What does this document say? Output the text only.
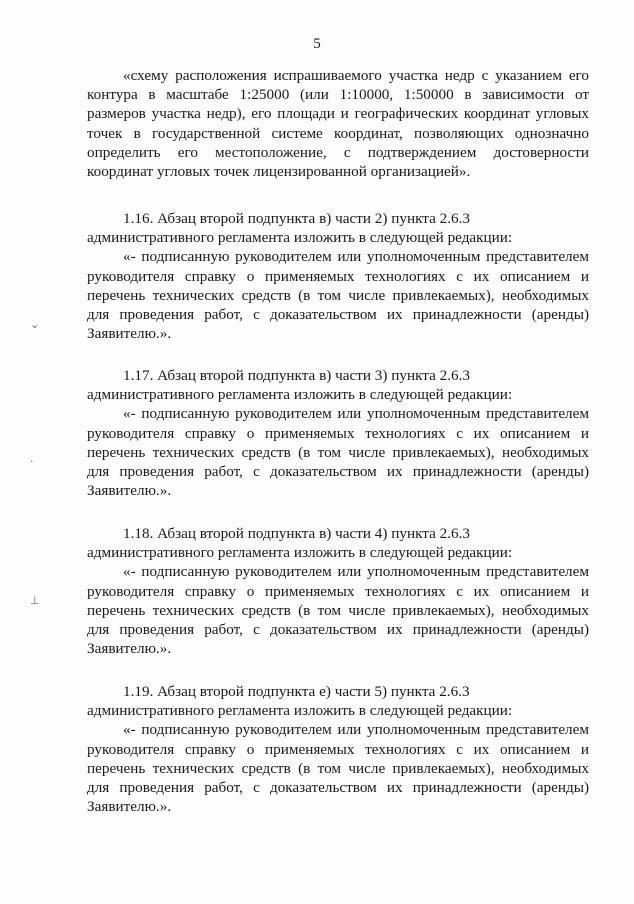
5

«схему расположения испрашиваемого участка недр с указанием его контура в масштабе 1:25000 (или 1:10000, 1:50000 в зависимости от размеров участка недр), его площади и географических координат угловых точек в государственной системе координат, позволяющих однозначно определить его местоположение, с подтверждением достоверности координат угловых точек лицензированной организацией».

1.16. Абзац второй подпункта в) части 2) пункта 2.6.3

административного регламента изложить в следующей редакции:

«- подписанную руководителем или уполномоченным представителем руководителя справку о применяемых технологиях с их описанием и перечень технических средств (в том числе привлекаемых), необходимых для проведения работ, с доказательством их принадлежности (аренды) Заявителю.».

1.17. Абзац второй подпункта в) части 3) пункта 2.6.3

административного регламента изложить в следующей редакции:

«- подписанную руководителем или уполномоченным представителем руководителя справку о применяемых технологиях с их описанием и перечень технических средств (в том числе привлекаемых), необходимых для проведения работ, с доказательством их принадлежности (аренды) Заявителю.».

1.18. Абзац второй подпункта в) части 4) пункта 2.6.3

административного регламента изложить в следующей редакции:

«- подписанную руководителем или уполномоченным представителем руководителя справку о применяемых технологиях с их описанием и перечень технических средств (в том числе привлекаемых), необходимых для проведения работ, с доказательством их принадлежности (аренды) Заявителю.».

1.19. Абзац второй подпункта е) части 5) пункта 2.6.3

административного регламента изложить в следующей редакции:

«- подписанную руководителем или уполномоченным представителем руководителя справку о применяемых технологиях с их описанием и перечень технических средств (в том числе привлекаемых), необходимых для проведения работ, с доказательством их принадлежности (аренды) Заявителю.».

⌄
·
⊥
